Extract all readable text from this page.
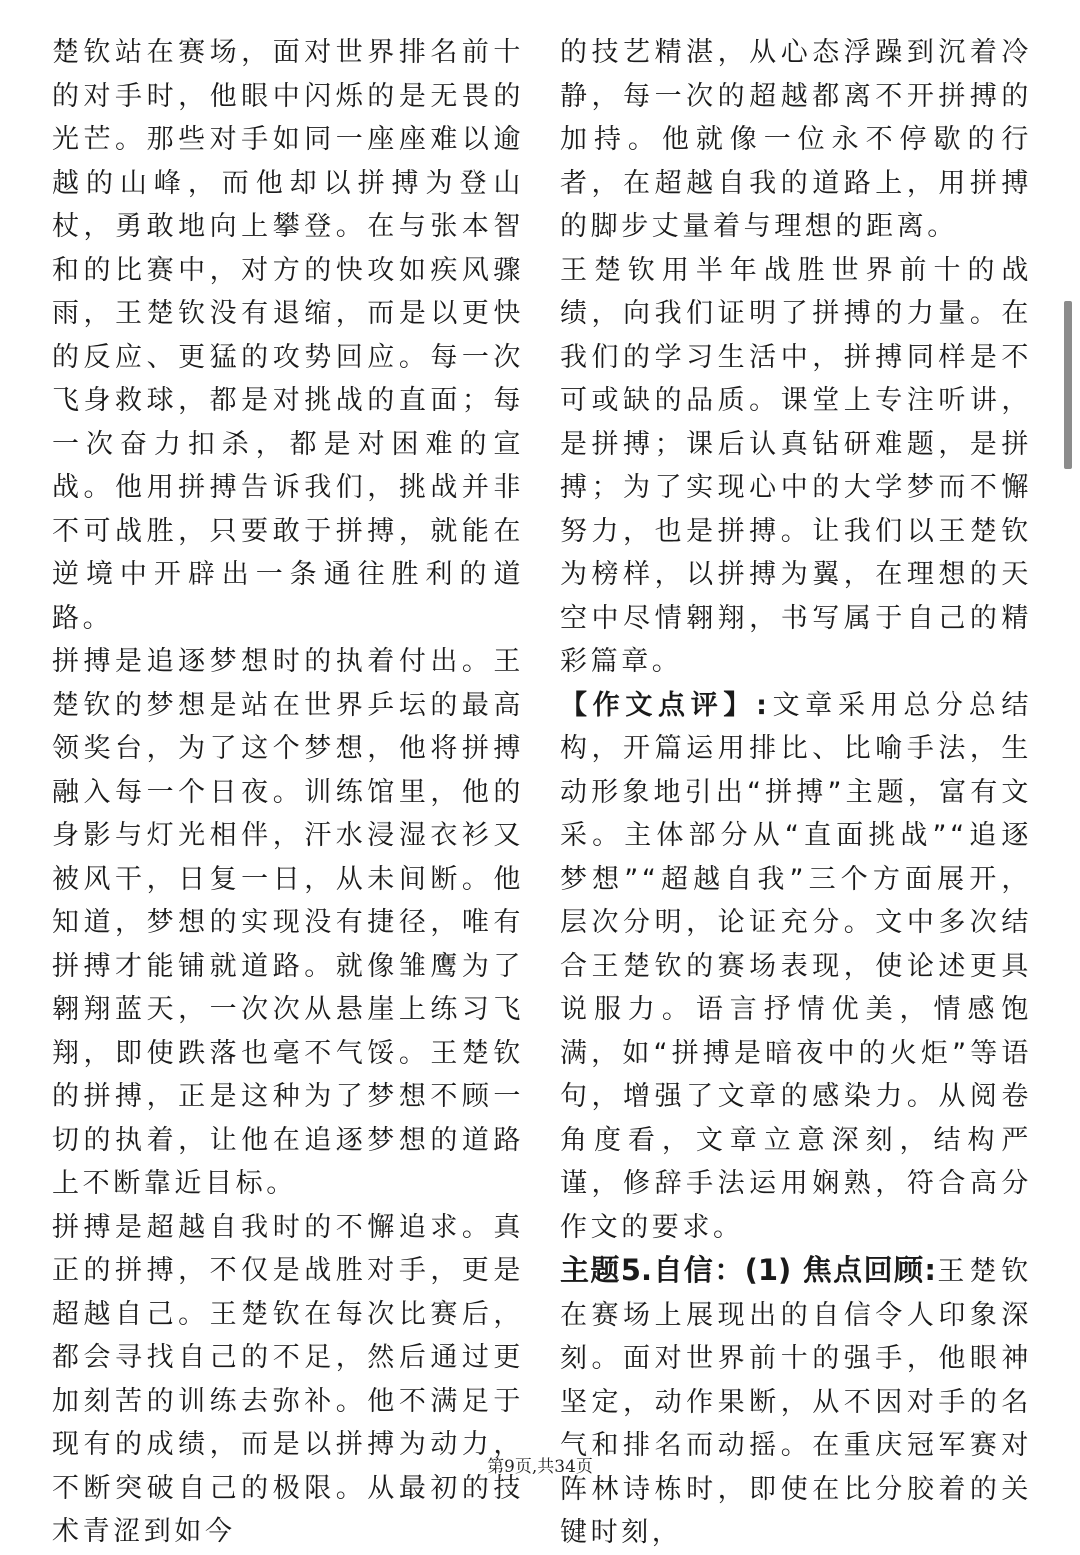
楚钦站在赛场，面对世界排名前十的对手时，他眼中闪烁的是无畏的光芒。那些对手如同一座座难以逾越的山峰，而他却以拼搏为登山杖，勇敢地向上攀登。在与张本智和的比赛中，对方的快攻如疾风骤雨，王楚钦没有退缩，而是以更快的反应、更猛的攻势回应。每一次飞身救球，都是对挑战的直面；每一次奋力扣杀，都是对困难的宣战。他用拼搏告诉我们，挑战并非不可战胜，只要敢于拼搏，就能在逆境中开辟出一条通往胜利的道路。

拼搏是追逐梦想时的执着付出。王楚钦的梦想是站在世界乒坛的最高领奖台，为了这个梦想，他将拼搏融入每一个日夜。训练馆里，他的身影与灯光相伴，汗水浸湿衣衫又被风干，日复一日，从未间断。他知道，梦想的实现没有捷径，唯有拼搏才能铺就道路。就像雏鹰为了翱翔蓝天，一次次从悬崖上练习飞翔，即使跌落也毫不气馁。王楚钦的拼搏，正是这种为了梦想不顾一切的执着，让他在追逐梦想的道路上不断靠近目标。

拼搏是超越自我时的不懈追求。真正的拼搏，不仅是战胜对手，更是超越自己。王楚钦在每次比赛后，都会寻找自己的不足，然后通过更加刻苦的训练去弥补。他不满足于现有的成绩，而是以拼搏为动力，不断突破自己的极限。从最初的技术青涩到如今

的技艺精湛，从心态浮躁到沉着冷静，每一次的超越都离不开拼搏的加持。他就像一位永不停歇的行者，在超越自我的道路上，用拼搏的脚步丈量着与理想的距离。

王楚钦用半年战胜世界前十的战绩，向我们证明了拼搏的力量。在我们的学习生活中，拼搏同样是不可或缺的品质。课堂上专注听讲，是拼搏；课后认真钻研难题，是拼搏；为了实现心中的大学梦而不懈努力，也是拼搏。让我们以王楚钦为榜样，以拼搏为翼，在理想的天空中尽情翱翔，书写属于自己的精彩篇章。

【作文点评】:文章采用总分总结构，开篇运用排比、比喻手法，生动形象地引出“拼搏”主题，富有文采。主体部分从“直面挑战”“追逐梦想”“超越自我”三个方面展开，层次分明，论证充分。文中多次结合王楚钦的赛场表现，使论述更具说服力。语言抒情优美，情感饱满，如“拼搏是暗夜中的火炬”等语句，增强了文章的感染力。从阅卷角度看，文章立意深刻，结构严谨，修辞手法运用娴熟，符合高分作文的要求。

主题5.自信：(1) 焦点回顾:王楚钦在赛场上展现出的自信令人印象深刻。面对世界前十的强手，他眼神坚定，动作果断，从不因对手的名气和排名而动摇。在重庆冠军赛对阵林诗栋时，即使在比分胶着的关键时刻，

第9页,共34页
